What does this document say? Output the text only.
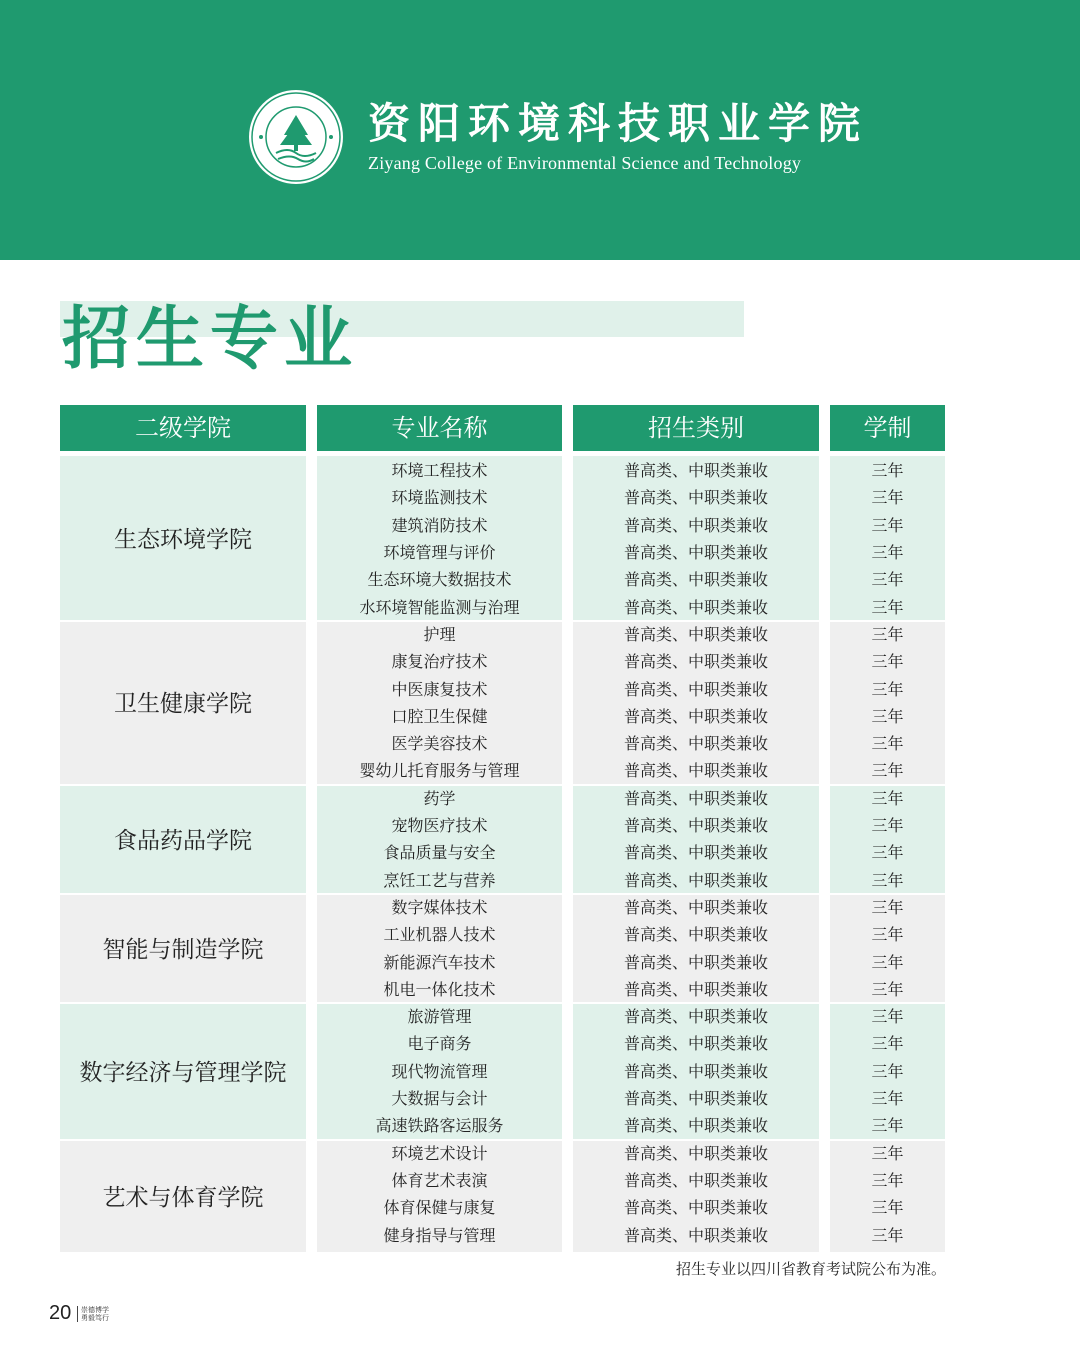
资阳环境科技职业学院
Ziyang College of Environmental Science and Technology
招生专业
二级学院	专业名称	招生类别	学制
生态环境学院
环境工程技术	普高类、中职类兼收	三年
环境监测技术	普高类、中职类兼收	三年
建筑消防技术	普高类、中职类兼收	三年
环境管理与评价	普高类、中职类兼收	三年
生态环境大数据技术	普高类、中职类兼收	三年
水环境智能监测与治理	普高类、中职类兼收	三年
卫生健康学院
护理	普高类、中职类兼收	三年
康复治疗技术	普高类、中职类兼收	三年
中医康复技术	普高类、中职类兼收	三年
口腔卫生保健	普高类、中职类兼收	三年
医学美容技术	普高类、中职类兼收	三年
婴幼儿托育服务与管理	普高类、中职类兼收	三年
食品药品学院
药学	普高类、中职类兼收	三年
宠物医疗技术	普高类、中职类兼收	三年
食品质量与安全	普高类、中职类兼收	三年
烹饪工艺与营养	普高类、中职类兼收	三年
智能与制造学院
数字媒体技术	普高类、中职类兼收	三年
工业机器人技术	普高类、中职类兼收	三年
新能源汽车技术	普高类、中职类兼收	三年
机电一体化技术	普高类、中职类兼收	三年
数字经济与管理学院
旅游管理	普高类、中职类兼收	三年
电子商务	普高类、中职类兼收	三年
现代物流管理	普高类、中职类兼收	三年
大数据与会计	普高类、中职类兼收	三年
高速铁路客运服务	普高类、中职类兼收	三年
艺术与体育学院
环境艺术设计	普高类、中职类兼收	三年
体育艺术表演	普高类、中职类兼收	三年
体育保健与康复	普高类、中职类兼收	三年
健身指导与管理	普高类、中职类兼收	三年
招生专业以四川省教育考试院公布为准。
20 崇德博学
勇毅笃行
